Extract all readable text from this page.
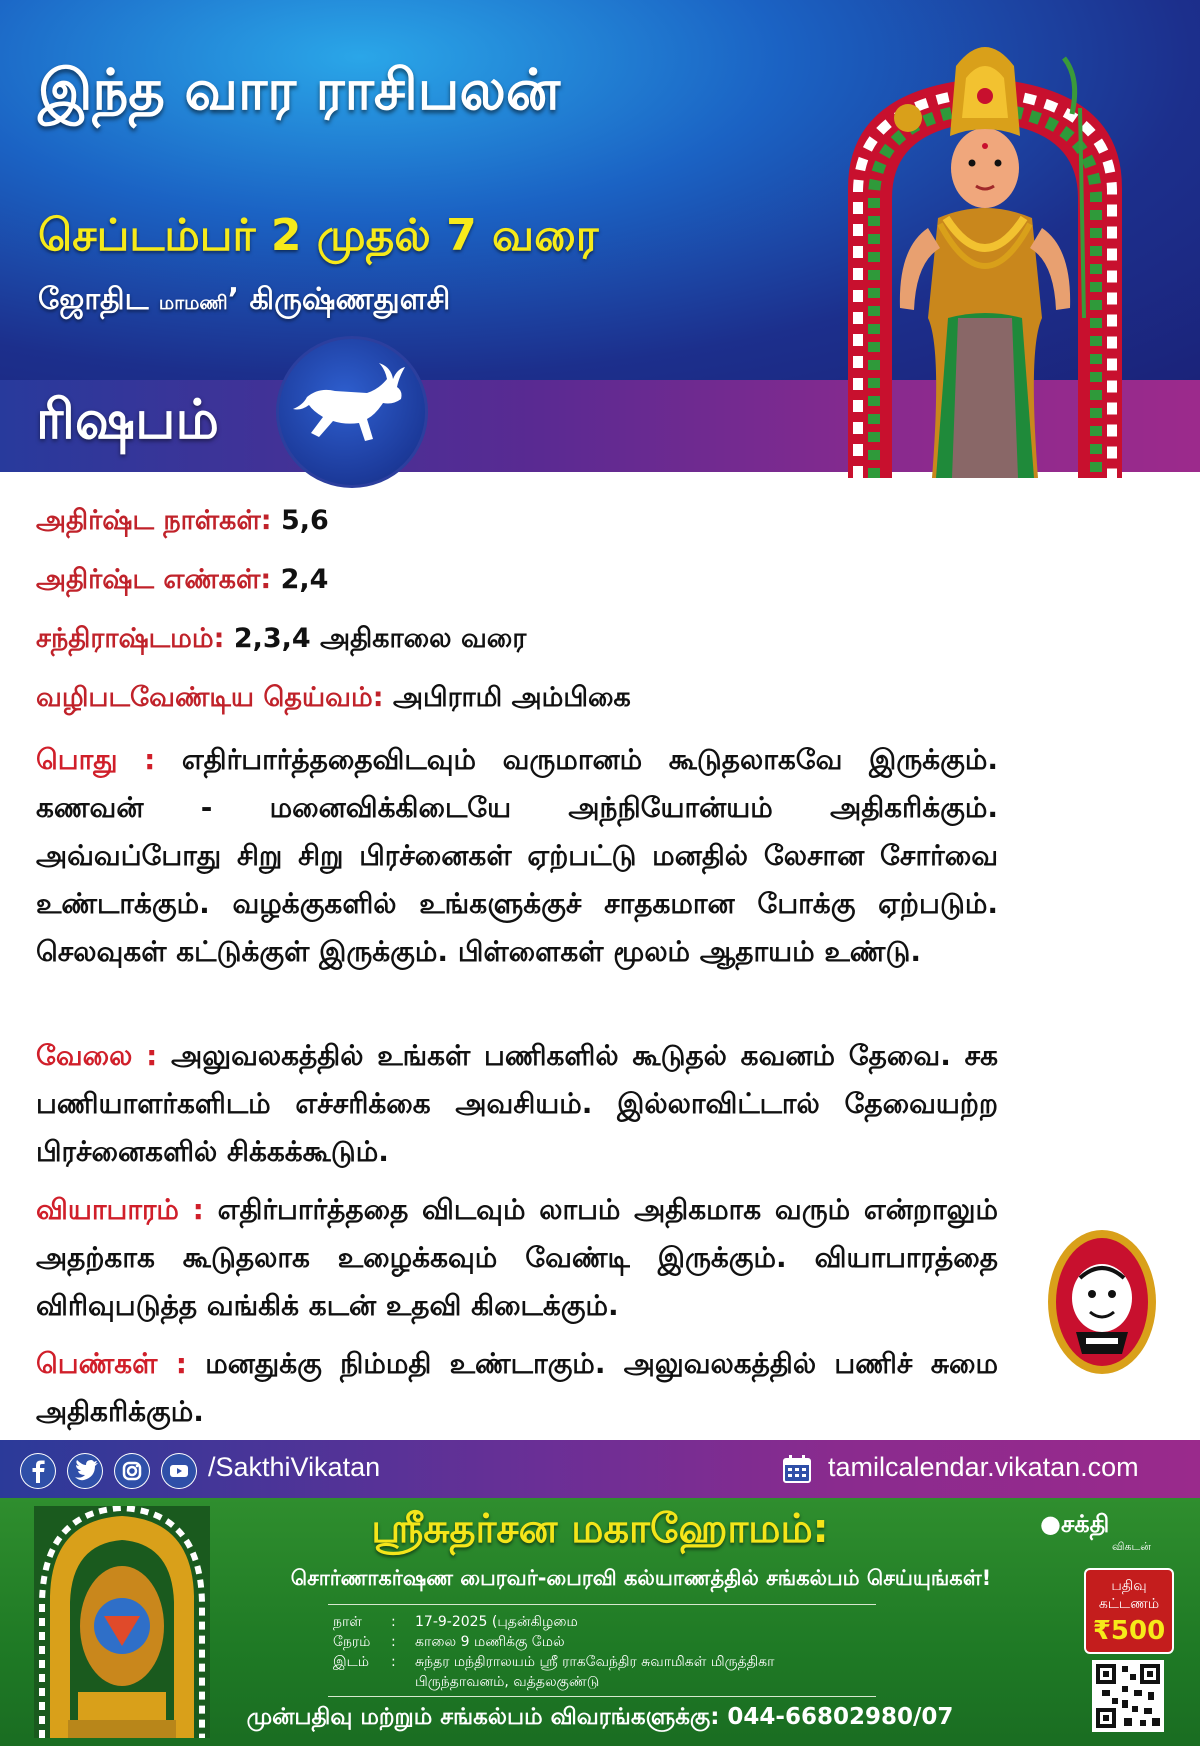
இந்த வார ராசிபலன்
செப்டம்பர் 2 முதல் 7 வரை
ஜோதிட மாமணி’ கிருஷ்ணதுளசி
ரிஷபம்
அதிர்ஷ்ட நாள்கள்: 5,6
அதிர்ஷ்ட எண்கள்: 2,4
சந்திராஷ்டமம்: 2,3,4 அதிகாலை வரை
வழிபடவேண்டிய தெய்வம்: அபிராமி அம்பிகை
பொது : எதிர்பார்த்ததைவிடவும் வருமானம் கூடுதலாகவே இருக்கும். கணவன் - மனைவிக்கிடையே அந்நியோன்யம் அதிகரிக்கும். அவ்வப்போது சிறு சிறு பிரச்னைகள் ஏற்பட்டு மனதில் லேசான சோர்வை உண்டாக்கும். வழக்குகளில் உங்களுக்குச் சாதகமான போக்கு ஏற்படும். செலவுகள் கட்டுக்குள் இருக்கும். பிள்ளைகள் மூலம் ஆதாயம் உண்டு.
வேலை : அலுவலகத்தில் உங்கள் பணிகளில் கூடுதல் கவனம் தேவை. சக பணியாளர்களிடம் எச்சரிக்கை அவசியம். இல்லாவிட்டால் தேவையற்ற பிரச்னைகளில் சிக்கக்கூடும்.
வியாபாரம் : எதிர்பார்த்ததை விடவும் லாபம் அதிகமாக வரும் என்றாலும் அதற்காக கூடுதலாக உழைக்கவும் வேண்டி இருக்கும். வியாபாரத்தை விரிவுபடுத்த வங்கிக் கடன் உதவி கிடைக்கும்.
பெண்கள் : மனதுக்கு நிம்மதி உண்டாகும். அலுவலகத்தில் பணிச் சுமை அதிகரிக்கும்.
/SakthiVikatan	tamilcalendar.vikatan.com
ஸ்ரீசுதர்சன மகாஹோமம்:
சொர்ணாகர்ஷண பைரவர்-பைரவி கல்யாணத்தில் சங்கல்பம் செய்யுங்கள்!
நாள் : 17-9-2025 (புதன்கிழமை
நேரம் : காலை 9 மணிக்கு மேல்
இடம் : சுந்தர மந்திராலயம் ஸ்ரீ ராகவேந்திர சுவாமிகள் மிருத்திகா
பிருந்தாவனம், வத்தலகுண்டு
முன்பதிவு மற்றும் சங்கல்பம் விவரங்களுக்கு: 044-66802980/07
●சக்தி
விகடன்
பதிவு
கட்டணம்
₹500
